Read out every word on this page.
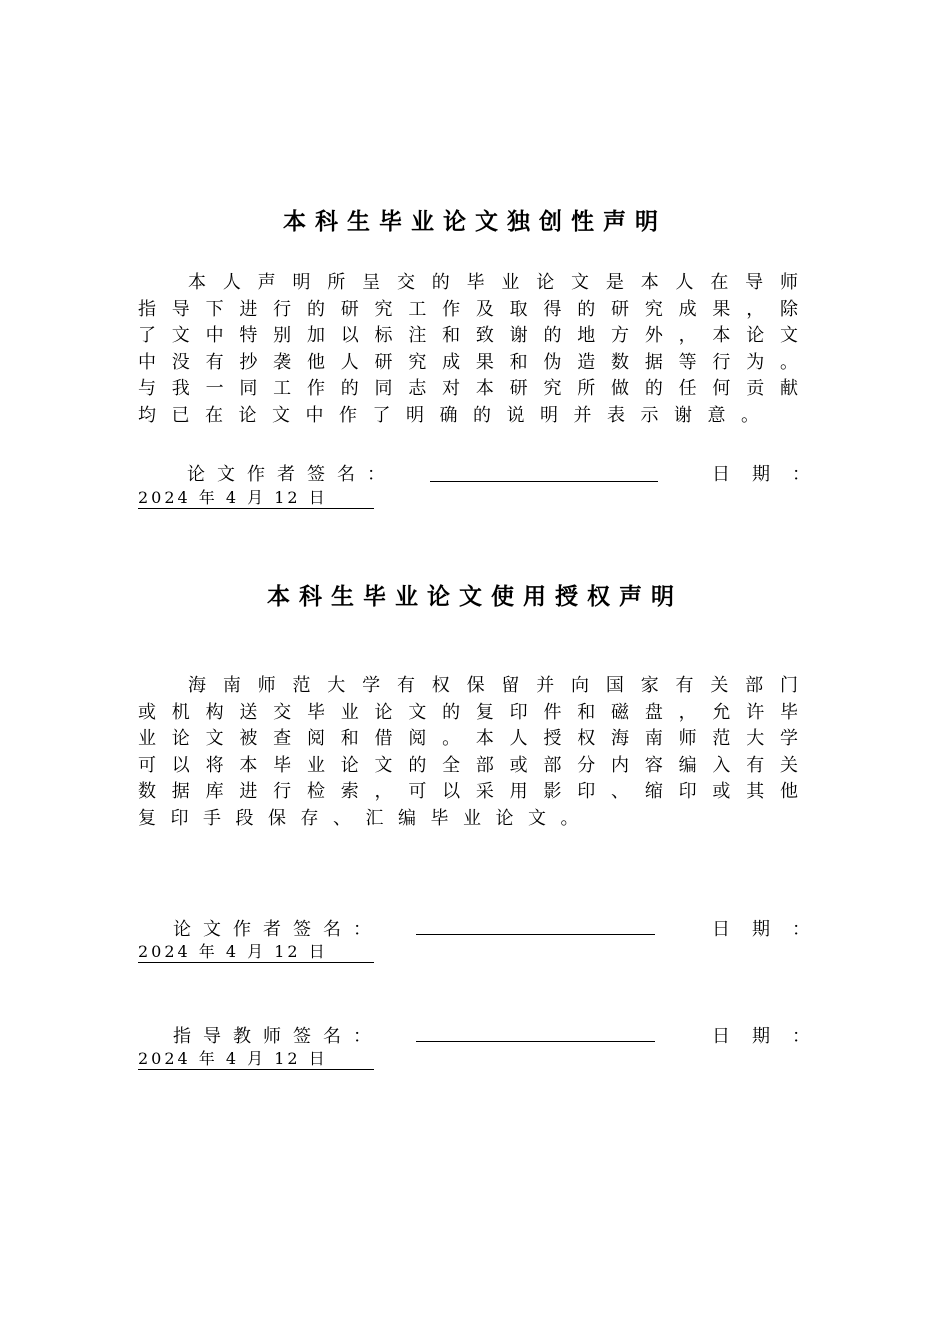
本科生毕业论文独创性声明
本人声明所呈交的毕业论文是本人在导师
指导下进行的研究工作及取得的研究成果，除
了文中特别加以标注和致谢的地方外，本论文
中没有抄袭他人研究成果和伪造数据等行为。
与我一同工作的同志对本研究所做的任何贡献
均已在论文中作了明确的说明并表示谢意。
论文作者签名：	日期：
2024 年 4 月 12 日
本科生毕业论文使用授权声明
海南师范大学有权保留并向国家有关部门
或机构送交毕业论文的复印件和磁盘，允许毕
业论文被查阅和借阅。本人授权海南师范大学
可以将本毕业论文的全部或部分内容编入有关
数据库进行检索，可以采用影印、缩印或其他
复印手段保存、汇编毕业论文。
论文作者签名：	日期：
2024 年 4 月 12 日
指导教师签名：	日期：
2024 年 4 月 12 日
